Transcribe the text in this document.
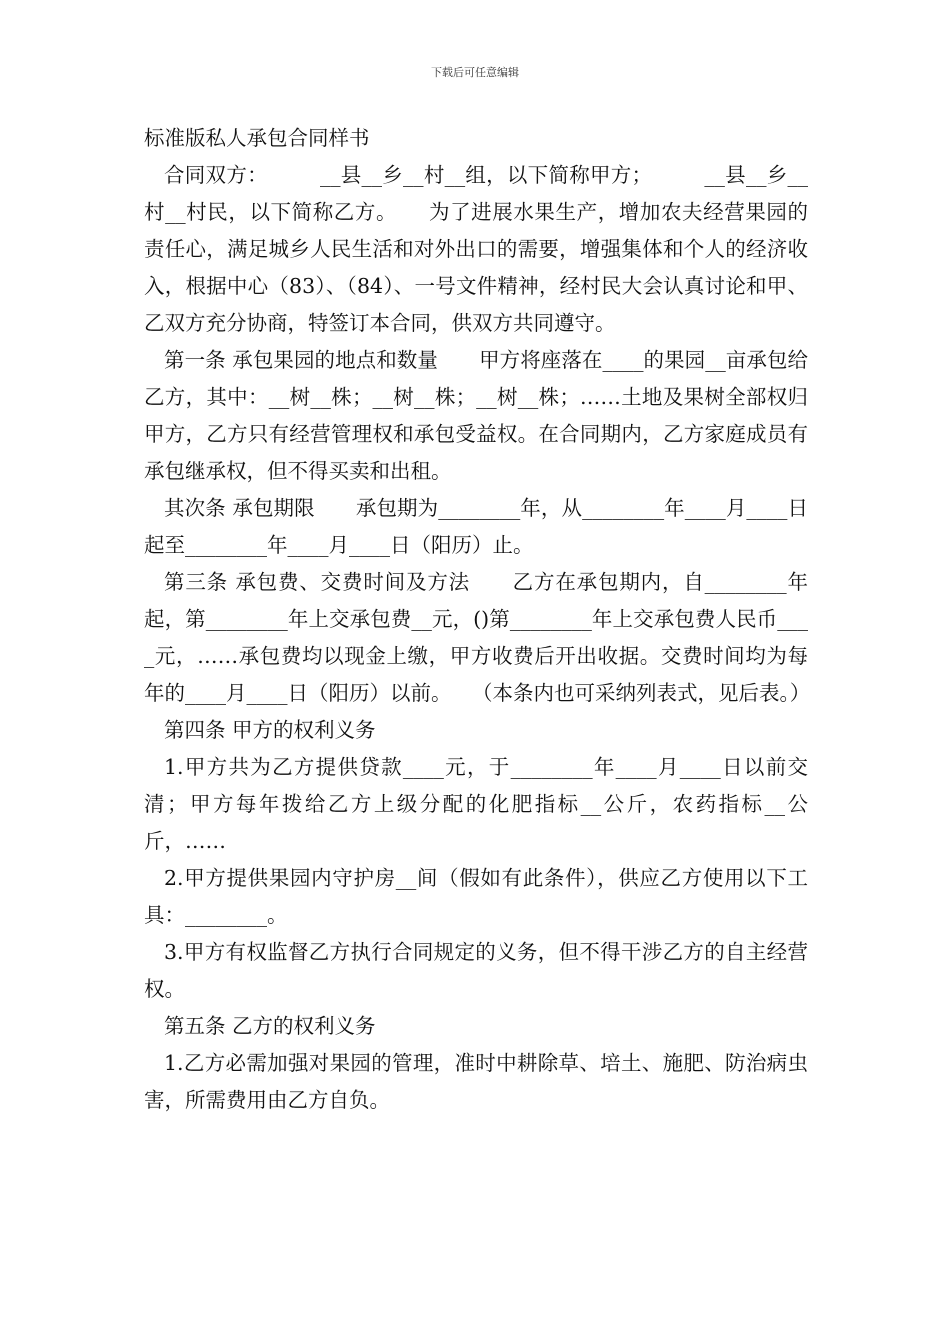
下载后可任意编辑
标准版私人承包合同样书

合同双方：　　　__县__乡__村__组，以下简称甲方；　　　__县__乡__村__村民，以下简称乙方。　　为了进展水果生产，增加农夫经营果园的责任心，满足城乡人民生活和对外出口的需要，增强集体和个人的经济收入，根据中心（83）、（84）、一号文件精神，经村民大会认真讨论和甲、乙双方充分协商，特签订本合同，供双方共同遵守。

第一条 承包果园的地点和数量　　甲方将座落在____的果园__亩承包给乙方，其中：__树__株；__树__株；__树__株；……土地及果树全部权归甲方，乙方只有经营管理权和承包受益权。在合同期内，乙方家庭成员有承包继承权，但不得买卖和出租。

其次条 承包期限　　承包期为________年，从________年____月____日起至________年____月____日（阳历）止。

第三条 承包费、交费时间及方法　　乙方在承包期内，自________年起，第________年上交承包费__元，()第________年上交承包费人民币____元，……承包费均以现金上缴，甲方收费后开出收据。交费时间均为每年的____月____日（阳历）以前。　　（本条内也可采纳列表式，见后表。）

第四条 甲方的权利义务

1.甲方共为乙方提供贷款____元，于________年____月____日以前交清；甲方每年拨给乙方上级分配的化肥指标__公斤，农药指标__公斤，……

2.甲方提供果园内守护房__间（假如有此条件），供应乙方使用以下工具：________。

3.甲方有权监督乙方执行合同规定的义务，但不得干涉乙方的自主经营权。

第五条 乙方的权利义务

1.乙方必需加强对果园的管理，准时中耕除草、培土、施肥、防治病虫害，所需费用由乙方自负。
